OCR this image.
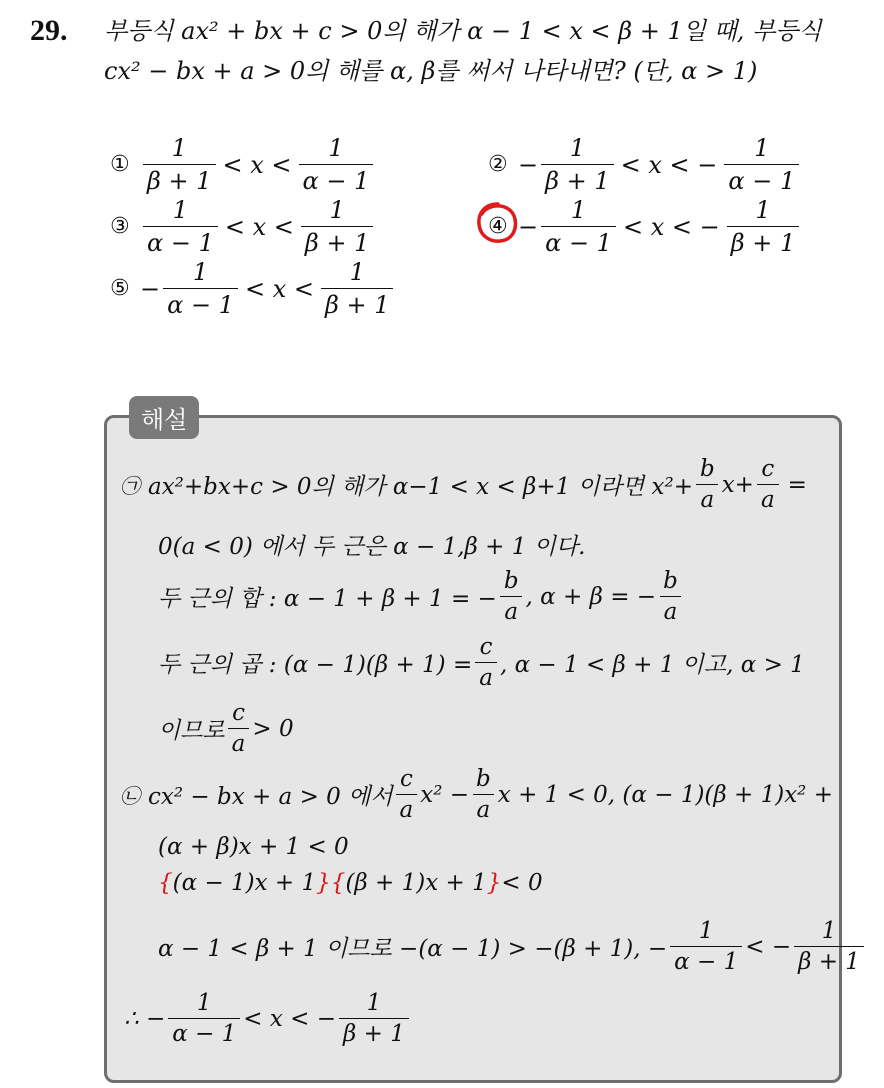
29. 부등식 ax² + bx + c > 0의 해가 α − 1 < x < β + 1일 때, 부등식
cx² − bx + a > 0의 해를 α, β를 써서 나타내면? (단, α > 1)
① $\frac{1}{\beta + 1} < x < \frac{1}{\alpha - 1}$	② − $\frac{1}{\beta + 1} < x$ < − $\frac{1}{\alpha - 1}$
③ $\frac{1}{\alpha - 1} < x < \frac{1}{\beta + 1}$	④ − $\frac{1}{\alpha - 1} < x$ < − $\frac{1}{\beta + 1}$
⑤ − $\frac{1}{\alpha - 1} < x < \frac{1}{\beta + 1}$
해설
㉠ ax²+bx+c > 0의 해가 α−1 < x < β+1 이라면 $x^2+ \frac{b}{a} x+ \frac{c}{a}$ =
0(a < 0) 에서 두 근은 α − 1,β + 1 이다.
두 근의 합 : α − 1 + β + 1 = − $\frac{b}{a}$ , α + β = − $\frac{b}{a}$
두 근의 곱 : $(\alpha - 1)(\beta + 1) = \frac{c}{a}$ , α − 1 < β + 1 이고, α > 1
이므로 $\frac{c}{a} > 0$
㉡ cx² − bx + a > 0 에서 $\frac{c}{a} x^2 - \frac{b}{a}$ x + 1 < 0, (α − 1)(β + 1)x² +
(α + β)x + 1 < 0
{ (α − 1)x + 1 }{ (β + 1)x + 1 } < 0
α − 1 < β + 1 이므로 −(α − 1) > −(β + 1), − $\frac{1}{\alpha - 1}$ < − $\frac{1}{\beta + 1}$
∴ − $\frac{1}{\alpha - 1} < x$ < − $\frac{1}{\beta + 1}$
